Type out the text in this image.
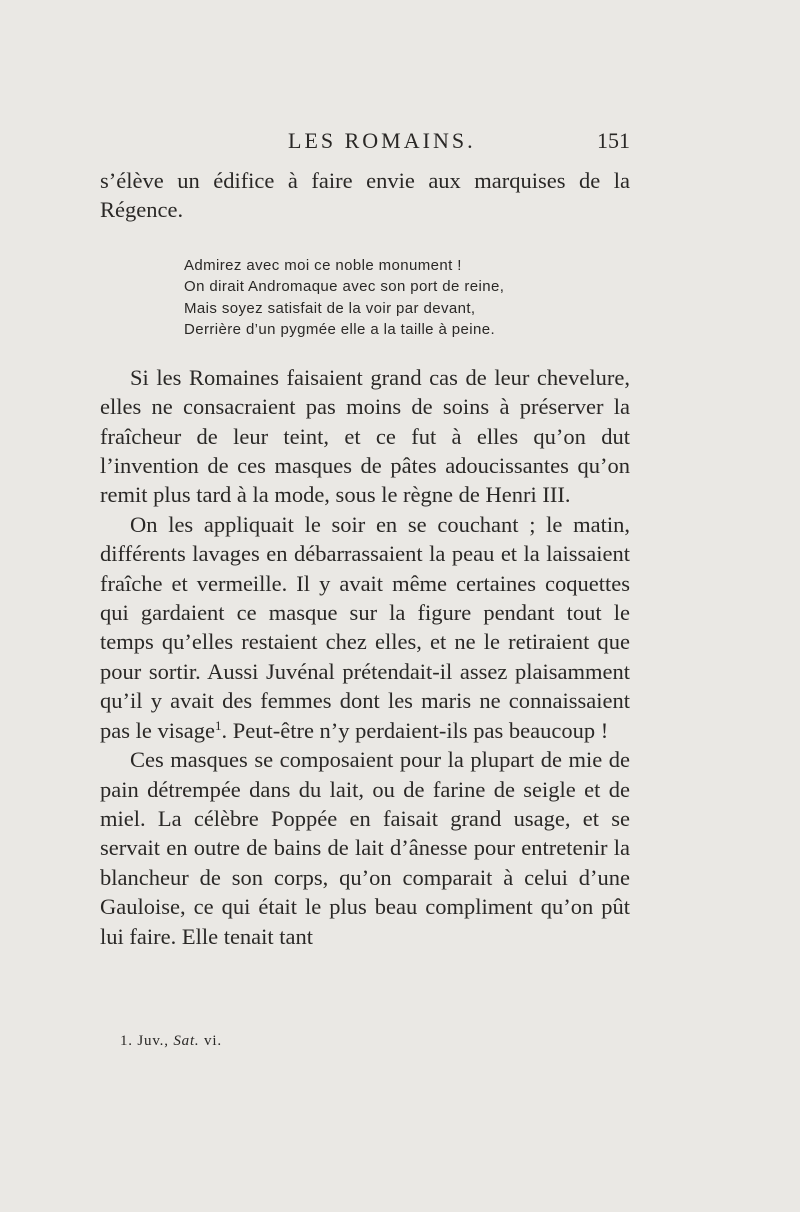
LES ROMAINS.	151

s’élève un édifice à faire envie aux marquises de la Régence.

Admirez avec moi ce noble monument !
On dirait Andromaque avec son port de reine,
Mais soyez satisfait de la voir par devant,
Derrière d’un pygmée elle a la taille à peine.

Si les Romaines faisaient grand cas de leur chevelure, elles ne consacraient pas moins de soins à préserver la fraîcheur de leur teint, et ce fut à elles qu’on dut l’invention de ces masques de pâtes adoucissantes qu’on remit plus tard à la mode, sous le règne de Henri III.

On les appliquait le soir en se couchant ; le matin, différents lavages en débarrassaient la peau et la laissaient fraîche et vermeille. Il y avait même certaines coquettes qui gardaient ce masque sur la figure pendant tout le temps qu’elles restaient chez elles, et ne le retiraient que pour sortir. Aussi Juvénal prétendait-il assez plaisamment qu’il y avait des femmes dont les maris ne connaissaient pas le visage$^1$. Peut-être n’y perdaient-ils pas beaucoup !

Ces masques se composaient pour la plupart de mie de pain détrempée dans du lait, ou de farine de seigle et de miel. La célèbre Poppée en faisait grand usage, et se servait en outre de bains de lait d’ânesse pour entretenir la blancheur de son corps, qu’on comparait à celui d’une Gauloise, ce qui était le plus beau compliment qu’on pût lui faire. Elle tenait tant

1. Juv., Sat. vi.
